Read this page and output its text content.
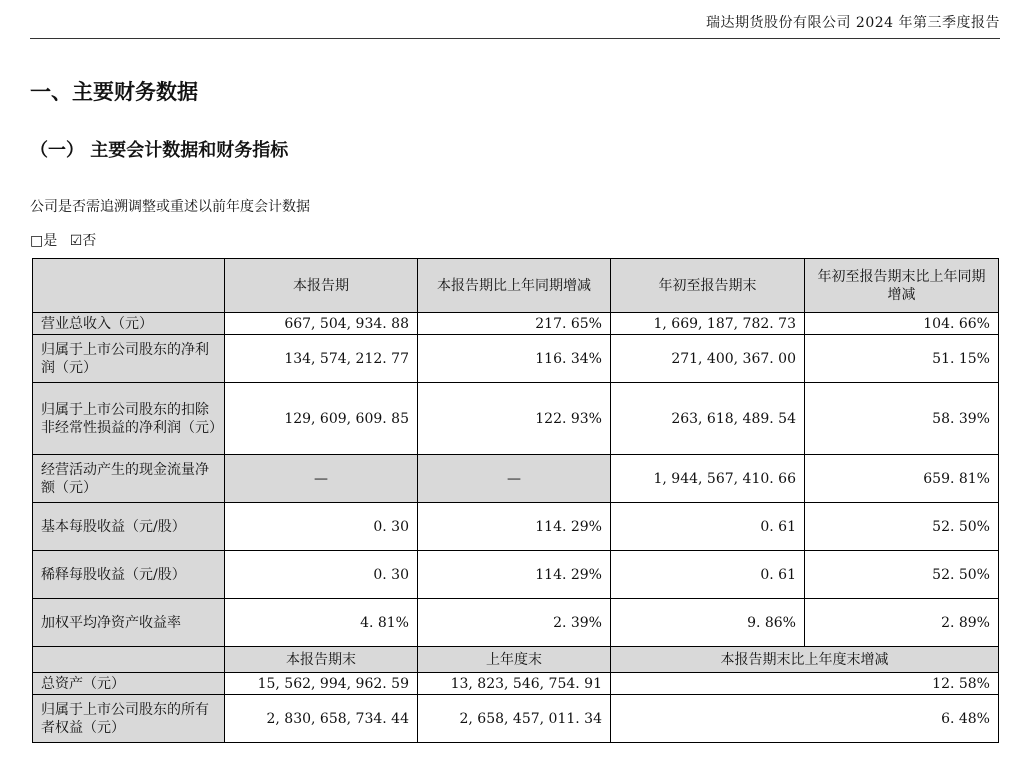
瑞达期货股份有限公司 2024 年第三季度报告
一、主要财务数据
（一） 主要会计数据和财务指标
公司是否需追溯调整或重述以前年度会计数据
□是 ☑否
	本报告期	本报告期比上年同期增减	年初至报告期末	年初至报告期末比上年同期增减
营业总收入（元）	667, 504, 934. 88	217. 65%	1, 669, 187, 782. 73	104. 66%
归属于上市公司股东的净利润（元）	134, 574, 212. 77	116. 34%	271, 400, 367. 00	51. 15%
归属于上市公司股东的扣除非经常性损益的净利润（元）	129, 609, 609. 85	122. 93%	263, 618, 489. 54	58. 39%
经营活动产生的现金流量净额（元）	—	—	1, 944, 567, 410. 66	659. 81%
基本每股收益（元/股）	0. 30	114. 29%	0. 61	52. 50%
稀释每股收益（元/股）	0. 30	114. 29%	0. 61	52. 50%
加权平均净资产收益率	4. 81%	2. 39%	9. 86%	2. 89%
	本报告期末	上年度末	本报告期末比上年度末增减	
总资产（元）	15, 562, 994, 962. 59	13, 823, 546, 754. 91	12. 58%	
归属于上市公司股东的所有者权益（元）	2, 830, 658, 734. 44	2, 658, 457, 011. 34	6. 48%	
